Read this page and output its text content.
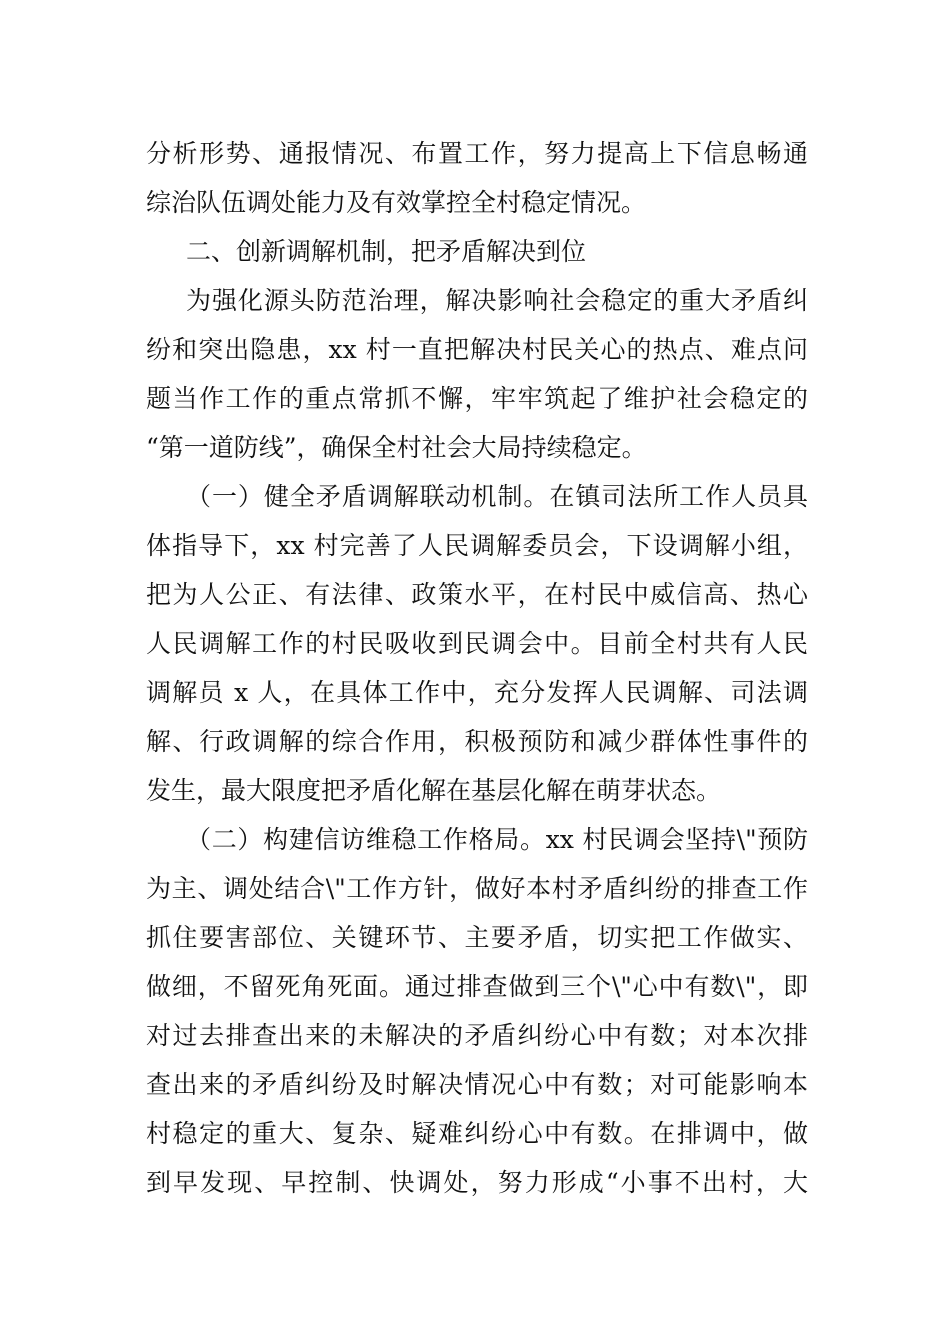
分析形势、通报情况、布置工作，努力提高上下信息畅通
综治队伍调处能力及有效掌控全村稳定情况。
二、创新调解机制，把矛盾解决到位
为强化源头防范治理，解决影响社会稳定的重大矛盾纠
纷和突出隐患，xx 村一直把解决村民关心的热点、难点问
题当作工作的重点常抓不懈，牢牢筑起了维护社会稳定的
“第一道防线”，确保全村社会大局持续稳定。
（一）健全矛盾调解联动机制。在镇司法所工作人员具
体指导下，xx 村完善了人民调解委员会，下设调解小组，
把为人公正、有法律、政策水平，在村民中威信高、热心
人民调解工作的村民吸收到民调会中。目前全村共有人民
调解员 x 人，在具体工作中，充分发挥人民调解、司法调
解、行政调解的综合作用，积极预防和减少群体性事件的
发生，最大限度把矛盾化解在基层化解在萌芽状态。
（二）构建信访维稳工作格局。xx 村民调会坚持\"预防
为主、调处结合\"工作方针，做好本村矛盾纠纷的排查工作
抓住要害部位、关键环节、主要矛盾，切实把工作做实、
做细，不留死角死面。通过排查做到三个\"心中有数\"，即
对过去排查出来的未解决的矛盾纠纷心中有数；对本次排
查出来的矛盾纠纷及时解决情况心中有数；对可能影响本
村稳定的重大、复杂、疑难纠纷心中有数。在排调中，做
到早发现、早控制、快调处，努力形成“小事不出村，大
